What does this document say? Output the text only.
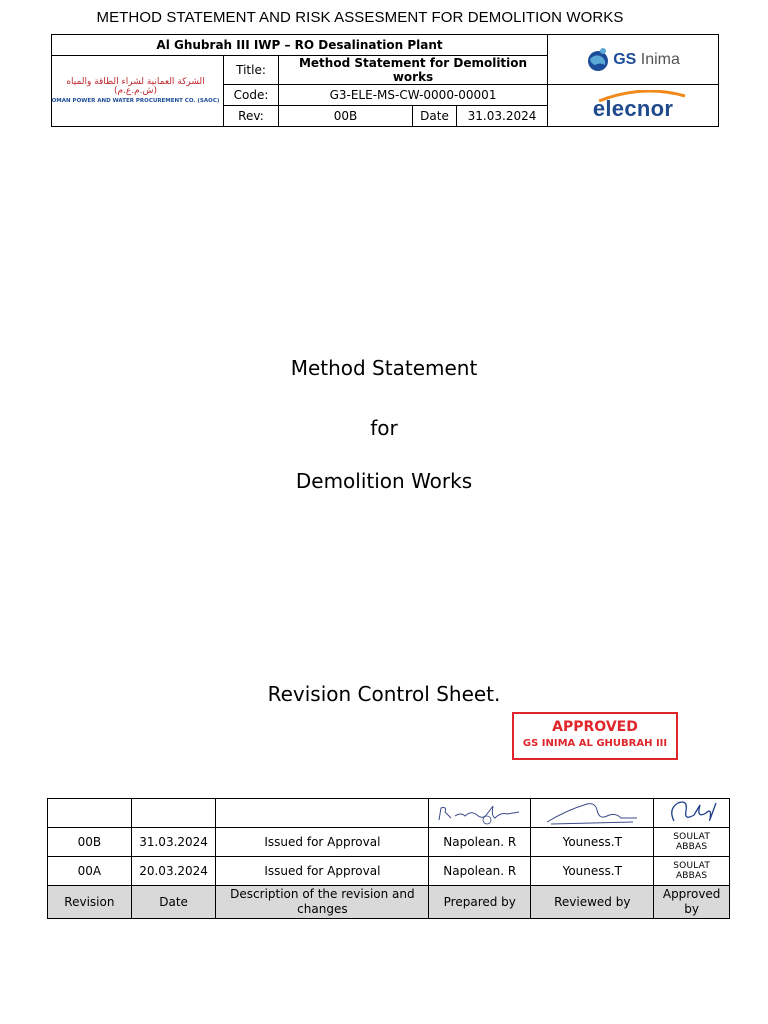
METHOD STATEMENT AND RISK ASSESMENT FOR DEMOLITION WORKS
Al Ghubrah III IWP – RO Desalination Plant					GS Inima

الشركة العمانية لشراء الطاقة والمياه (ش.م.ع.م)
OMAN POWER AND WATER PROCUREMENT CO. (SAOC)	Title:	Method Statement for Demolition works			
	Code:	G3-ELE-MS-CW-0000-00001			elecnor
	Rev:	00B	Date	31.03.2024	
Method Statement
for
Demolition Works
Revision Control Sheet.
APPROVED
GS INIMA AL GHUBRAH III

00B	31.03.2024	Issued for Approval	Napolean. R	Youness.T	SOULAT ABBAS
00A	20.03.2024	Issued for Approval	Napolean. R	Youness.T	SOULAT ABBAS
Revision	Date	Description of the revision and changes	Prepared by	Reviewed by	Approved by
